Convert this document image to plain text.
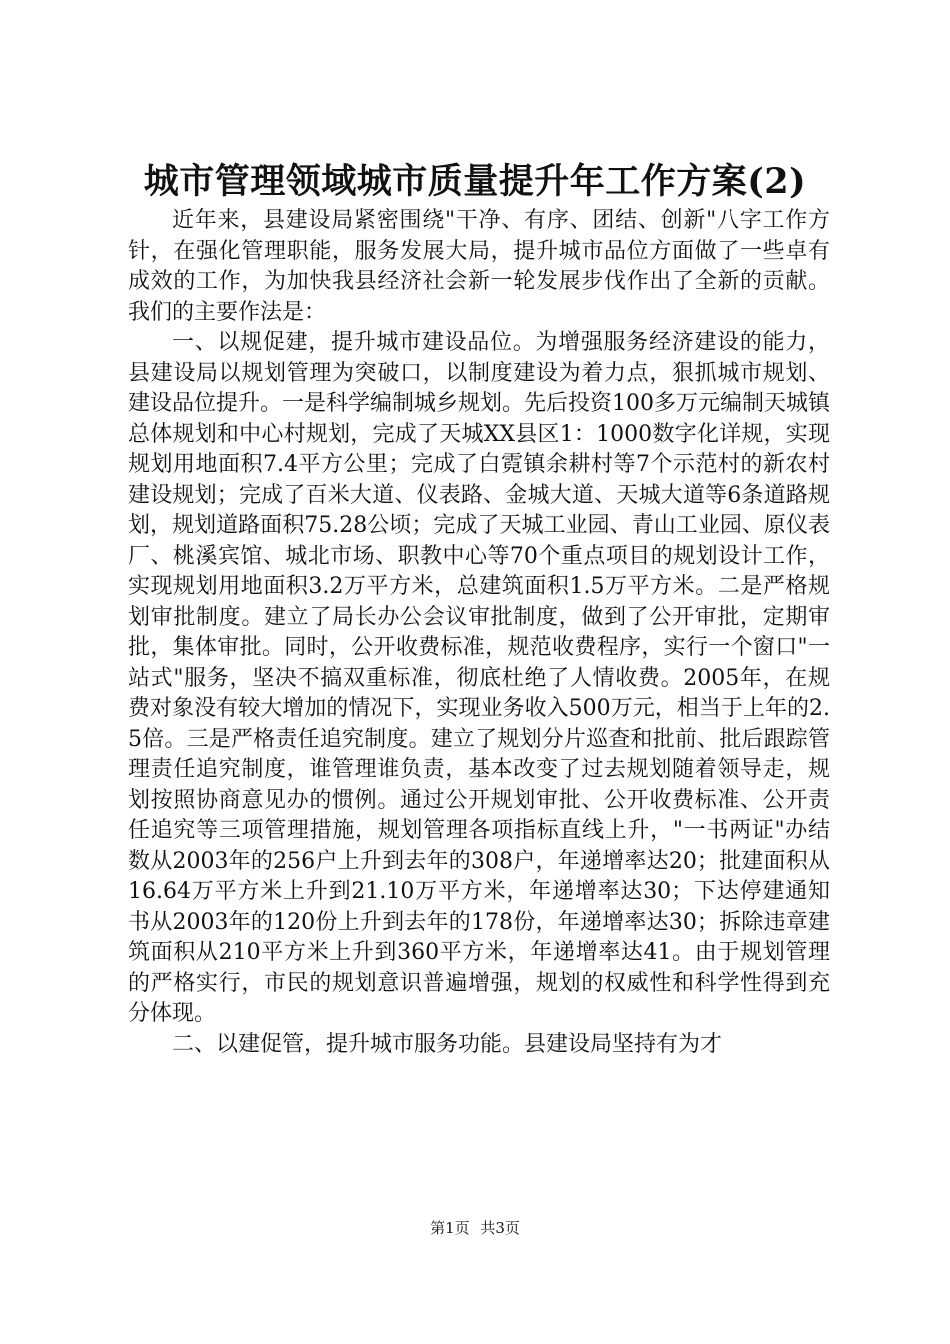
城市管理领域城市质量提升年工作方案(2)

近年来，县建设局紧密围绕"干净、有序、团结、创新"八字工作方针，在强化管理职能，服务发展大局，提升城市品位方面做了一些卓有成效的工作，为加快我县经济社会新一轮发展步伐作出了全新的贡献。我们的主要作法是：

一、以规促建，提升城市建设品位。为增强服务经济建设的能力，县建设局以规划管理为突破口，以制度建设为着力点，狠抓城市规划、建设品位提升。一是科学编制城乡规划。先后投资100多万元编制天城镇总体规划和中心村规划，完成了天城XX县区1：1000数字化详规，实现规划用地面积7.4平方公里；完成了白霓镇余耕村等7个示范村的新农村建设规划；完成了百米大道、仪表路、金城大道、天城大道等6条道路规划，规划道路面积75.28公顷；完成了天城工业园、青山工业园、原仪表厂、桃溪宾馆、城北市场、职教中心等70个重点项目的规划设计工作，实现规划用地面积3.2万平方米，总建筑面积1.5万平方米。二是严格规划审批制度。建立了局长办公会议审批制度，做到了公开审批，定期审批，集体审批。同时，公开收费标准，规范收费程序，实行一个窗口"一站式"服务，坚决不搞双重标准，彻底杜绝了人情收费。2005年，在规费对象没有较大增加的情况下，实现业务收入500万元，相当于上年的2.5倍。三是严格责任追究制度。建立了规划分片巡查和批前、批后跟踪管理责任追究制度，谁管理谁负责，基本改变了过去规划随着领导走，规划按照协商意见办的惯例。通过公开规划审批、公开收费标准、公开责任追究等三项管理措施，规划管理各项指标直线上升，"一书两证"办结数从2003年的256户上升到去年的308户，年递增率达20；批建面积从16.64万平方米上升到21.10万平方米，年递增率达30；下达停建通知书从2003年的120份上升到去年的178份，年递增率达30；拆除违章建筑面积从210平方米上升到360平方米，年递增率达41。由于规划管理的严格实行，市民的规划意识普遍增强，规划的权威性和科学性得到充分体现。

二、以建促管，提升城市服务功能。县建设局坚持有为才

第1页 共3页
